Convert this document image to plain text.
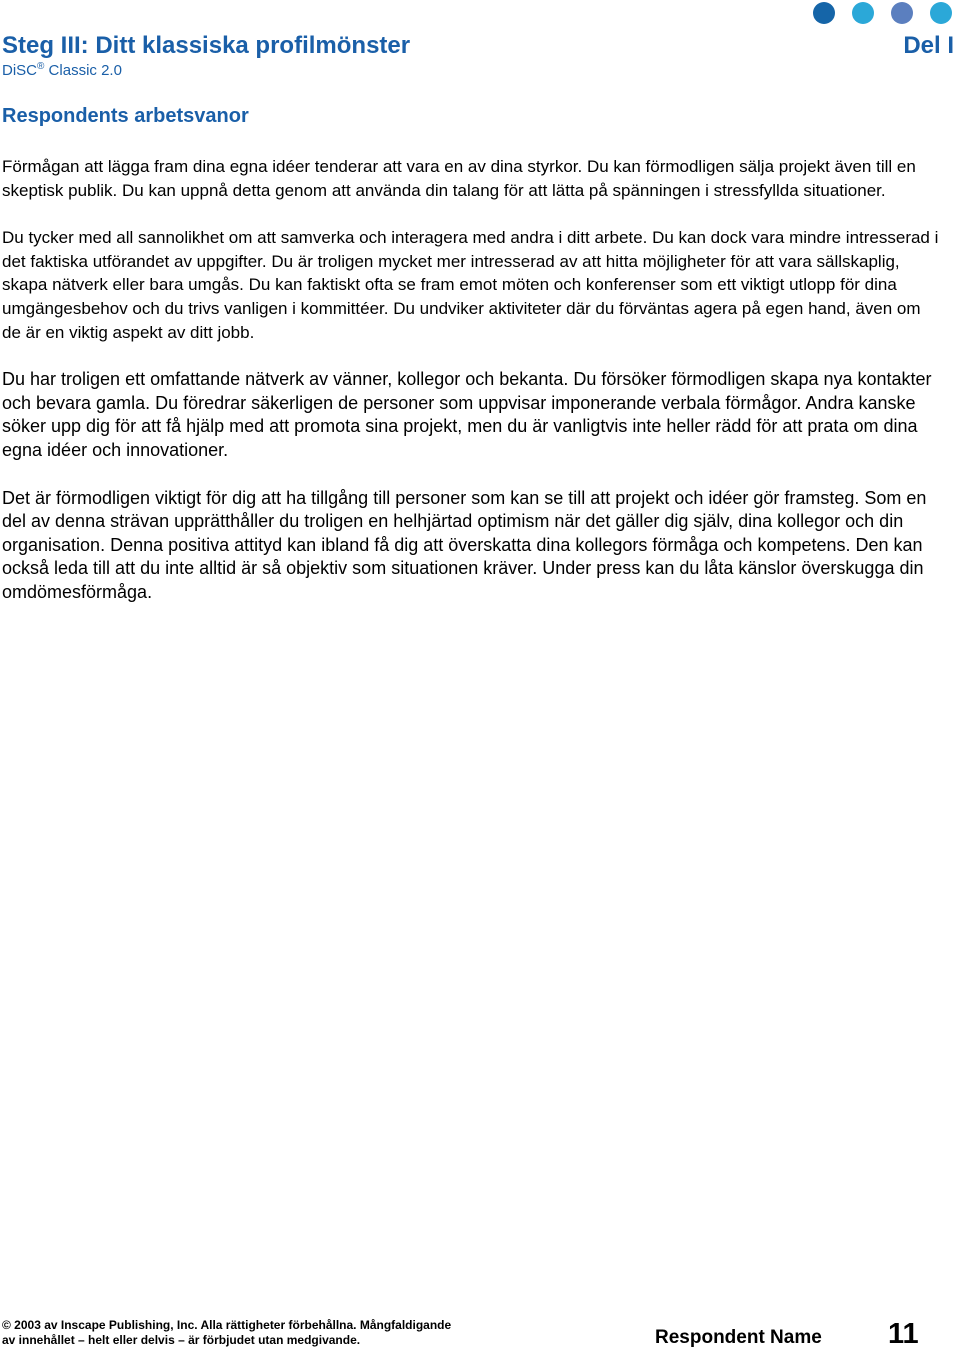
Steg III: Ditt klassiska profilmönster	Del I
DiSC® Classic 2.0
Respondents arbetsvanor

Förmågan att lägga fram dina egna idéer tenderar att vara en av dina styrkor. Du kan förmodligen sälja projekt även till en skeptisk publik. Du kan uppnå detta genom att använda din talang för att lätta på spänningen i stressfyllda situationer.

Du tycker med all sannolikhet om att samverka och interagera med andra i ditt arbete. Du kan dock vara mindre intresserad i det faktiska utförandet av uppgifter. Du är troligen mycket mer intresserad av att hitta möjligheter för att vara sällskaplig, skapa nätverk eller bara umgås. Du kan faktiskt ofta se fram emot möten och konferenser som ett viktigt utlopp för dina umgängesbehov och du trivs vanligen i kommittéer. Du undviker aktiviteter där du förväntas agera på egen hand, även om de är en viktig aspekt av ditt jobb.

Du har troligen ett omfattande nätverk av vänner, kollegor och bekanta. Du försöker förmodligen skapa nya kontakter och bevara gamla. Du föredrar säkerligen de personer som uppvisar imponerande verbala förmågor. Andra kanske söker upp dig för att få hjälp med att promota sina projekt, men du är vanligtvis inte heller rädd för att prata om dina egna idéer och innovationer.

Det är förmodligen viktigt för dig att ha tillgång till personer som kan se till att projekt och idéer gör framsteg. Som en del av denna strävan upprätthåller du troligen en helhjärtad optimism när det gäller dig själv, dina kollegor och din organisation. Denna positiva attityd kan ibland få dig att överskatta dina kollegors förmåga och kompetens. Den kan också leda till att du inte alltid är så objektiv som situationen kräver. Under press kan du låta känslor överskugga din omdömesförmåga.

© 2003 av Inscape Publishing, Inc. Alla rättigheter förbehållna. Mångfaldigande
av innehållet – helt eller delvis – är förbjudet utan medgivande.	Respondent Name 11
